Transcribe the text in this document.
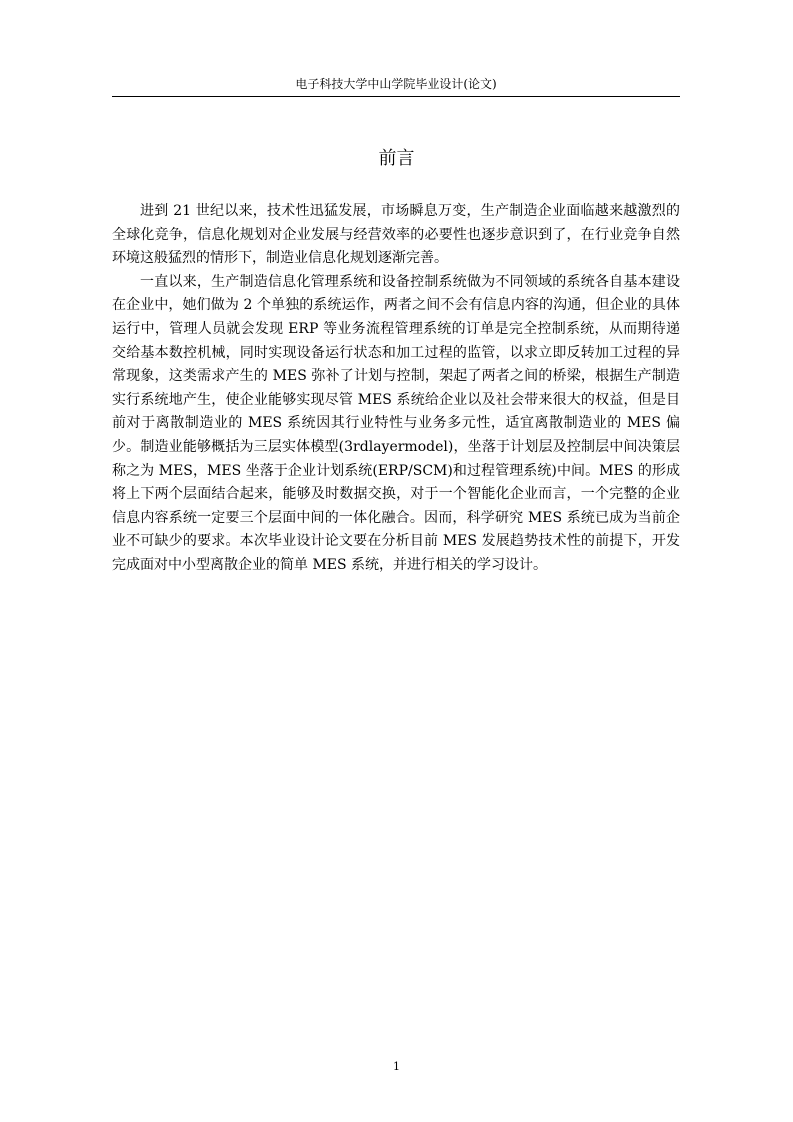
电子科技大学中山学院毕业设计(论文)
前言

进到 21 世纪以来，技术性迅猛发展，市场瞬息万变，生产制造企业面临越来越激烈的全球化竞争，信息化规划对企业发展与经营效率的必要性也逐步意识到了，在行业竞争自然环境这般猛烈的情形下，制造业信息化规划逐渐完善。

一直以来，生产制造信息化管理系统和设备控制系统做为不同领域的系统各自基本建设在企业中，她们做为 2 个单独的系统运作，两者之间不会有信息内容的沟通，但企业的具体运行中，管理人员就会发现 ERP 等业务流程管理系统的订单是完全控制系统，从而期待递交给基本数控机械，同时实现设备运行状态和加工过程的监管，以求立即反转加工过程的异常现象，这类需求产生的 MES 弥补了计划与控制，架起了两者之间的桥梁，根据生产制造实行系统地产生，使企业能够实现尽管 MES 系统给企业以及社会带来很大的权益，但是目前对于离散制造业的 MES 系统因其行业特性与业务多元性，适宜离散制造业的 MES 偏少。制造业能够概括为三层实体模型(3rdlayermodel)，坐落于计划层及控制层中间决策层称之为 MES，MES 坐落于企业计划系统(ERP/SCM)和过程管理系统)中间。MES 的形成将上下两个层面结合起来，能够及时数据交换，对于一个智能化企业而言，一个完整的企业信息内容系统一定要三个层面中间的一体化融合。因而，科学研究 MES 系统已成为当前企业不可缺少的要求。本次毕业设计论文要在分析目前 MES 发展趋势技术性的前提下，开发完成面对中小型离散企业的简单 MES 系统，并进行相关的学习设计。

1
